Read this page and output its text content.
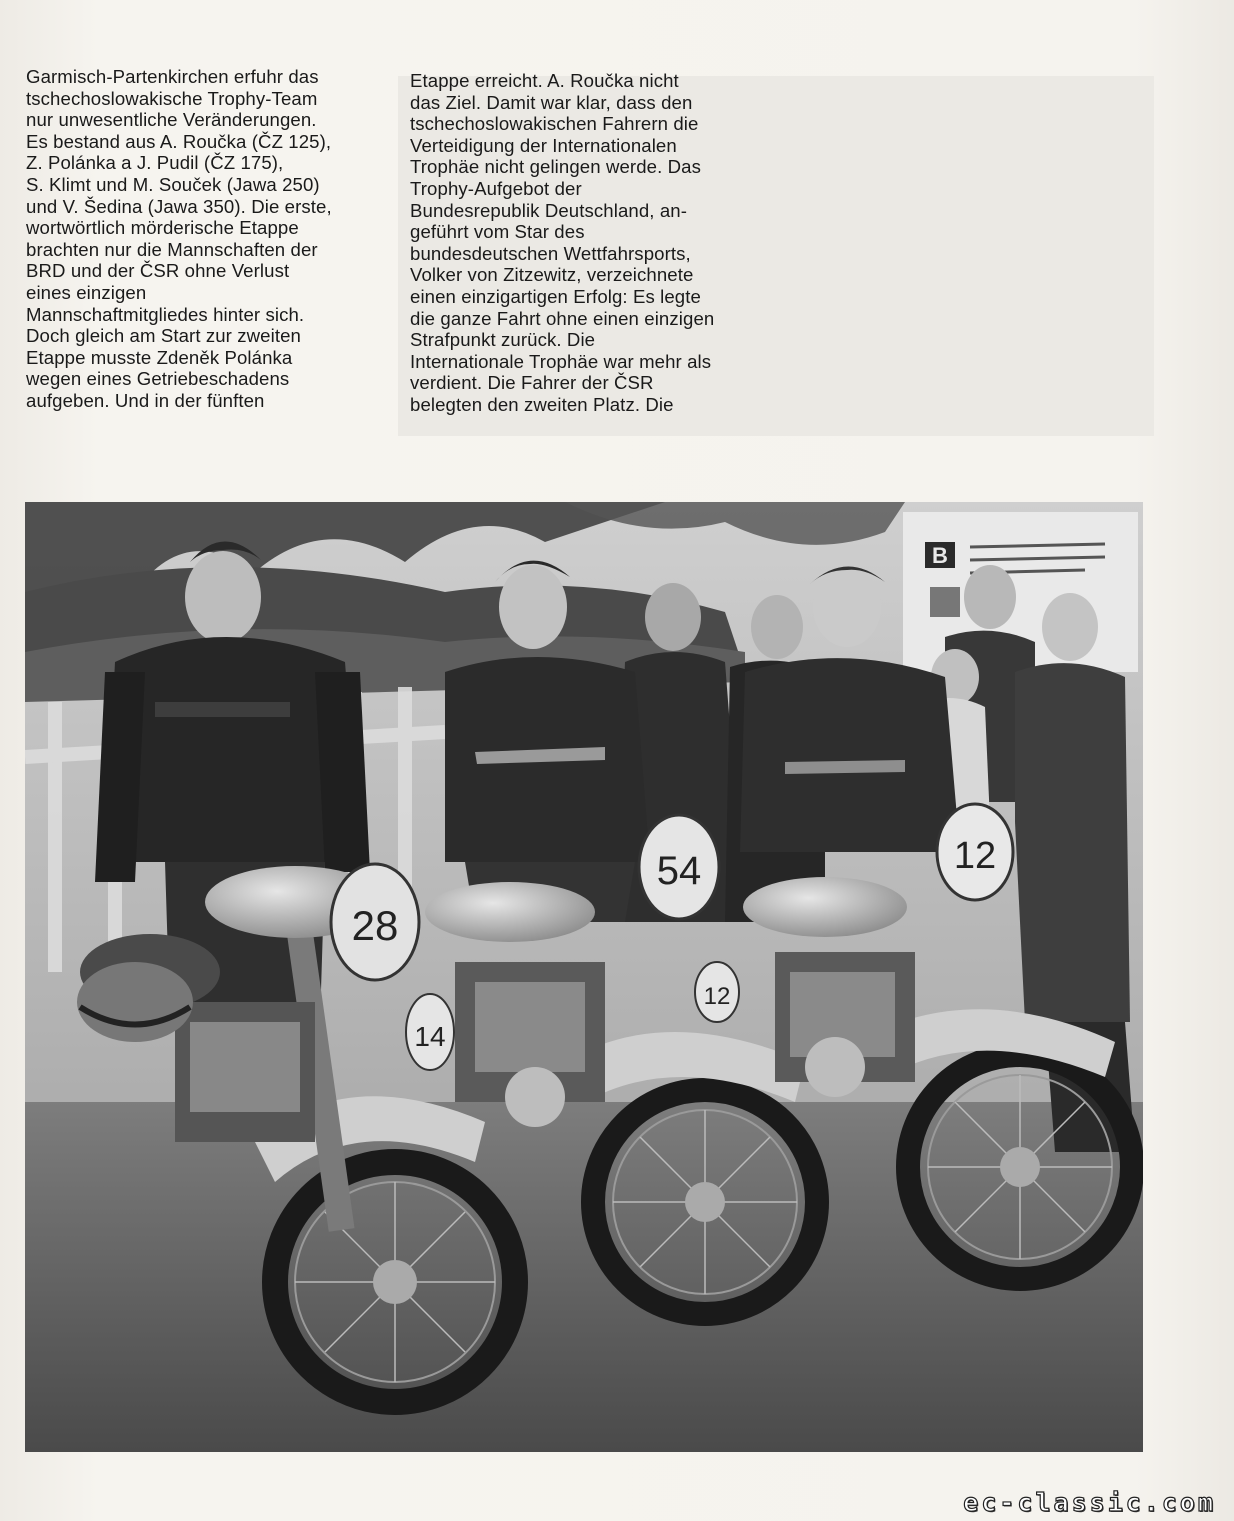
Garmisch-Partenkirchen erfuhr das
tschechoslowakische Trophy-Team
nur unwesentliche Veränderungen.
Es bestand aus A. Roučka (ČZ 125),
Z. Polánka a J. Pudil (ČZ 175),
S. Klimt und M. Souček (Jawa 250)
und V. Šedina (Jawa 350). Die erste,
wortwörtlich mörderische Etappe
brachten nur die Mannschaften der
BRD und der ČSR ohne Verlust
eines einzigen
Mannschaftmitgliedes hinter sich.
Doch gleich am Start zur zweiten
Etappe musste Zdeněk Polánka
wegen eines Getriebeschadens
aufgeben. Und in der fünften
Etappe erreicht. A. Roučka nicht
das Ziel. Damit war klar, dass den
tschechoslowakischen Fahrern die
Verteidigung der Internationalen
Trophäe nicht gelingen werde. Das
Trophy-Aufgebot der
Bundesrepublik Deutschland, an-
geführt vom Star des
bundesdeutschen Wettfahrsports,
Volker von Zitzewitz, verzeichnete
einen einzigartigen Erfolg: Es legte
die ganze Fahrt ohne einen einzigen
Strafpunkt zurück. Die
Internationale Trophäe war mehr als
verdient. Die Fahrer der ČSR
belegten den zweiten Platz. Die
B
28
54
14
12
12
ec-classic.com
